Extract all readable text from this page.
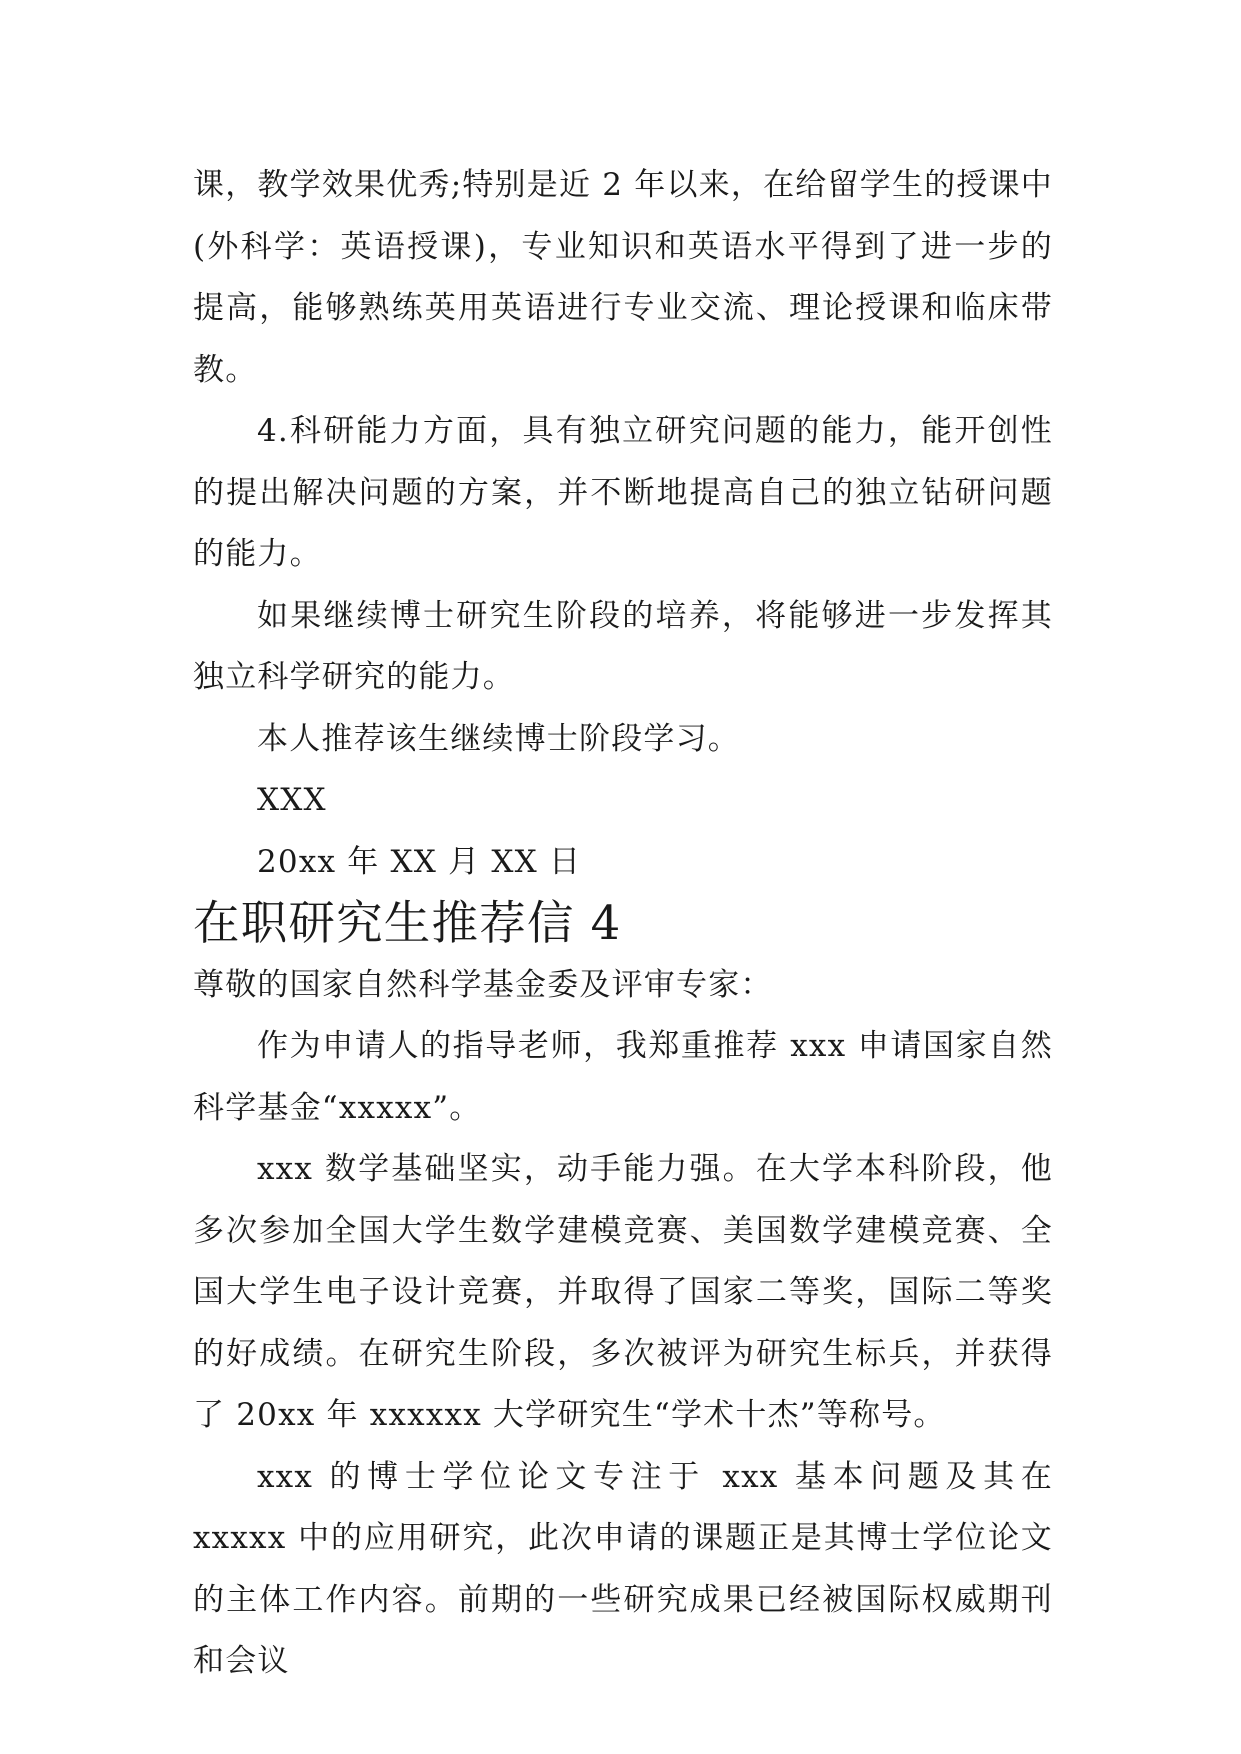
课，教学效果优秀;特别是近 2 年以来，在给留学生的授课中(外科学：英语授课)，专业知识和英语水平得到了进一步的提高，能够熟练英用英语进行专业交流、理论授课和临床带教。

4.科研能力方面，具有独立研究问题的能力，能开创性的提出解决问题的方案，并不断地提高自己的独立钻研问题的能力。

如果继续博士研究生阶段的培养，将能够进一步发挥其独立科学研究的能力。

本人推荐该生继续博士阶段学习。

XXX

20xx 年 XX 月 XX 日

在职研究生推荐信 4

尊敬的国家自然科学基金委及评审专家：

作为申请人的指导老师，我郑重推荐 xxx 申请国家自然科学基金“xxxxx”。

xxx 数学基础坚实，动手能力强。在大学本科阶段，他多次参加全国大学生数学建模竞赛、美国数学建模竞赛、全国大学生电子设计竞赛，并取得了国家二等奖，国际二等奖的好成绩。在研究生阶段，多次被评为研究生标兵，并获得了 20xx 年 xxxxxx 大学研究生“学术十杰”等称号。

xxx 的博士学位论文专注于 xxx 基本问题及其在 xxxxx 中的应用研究，此次申请的课题正是其博士学位论文的主体工作内容。前期的一些研究成果已经被国际权威期刊和会议
